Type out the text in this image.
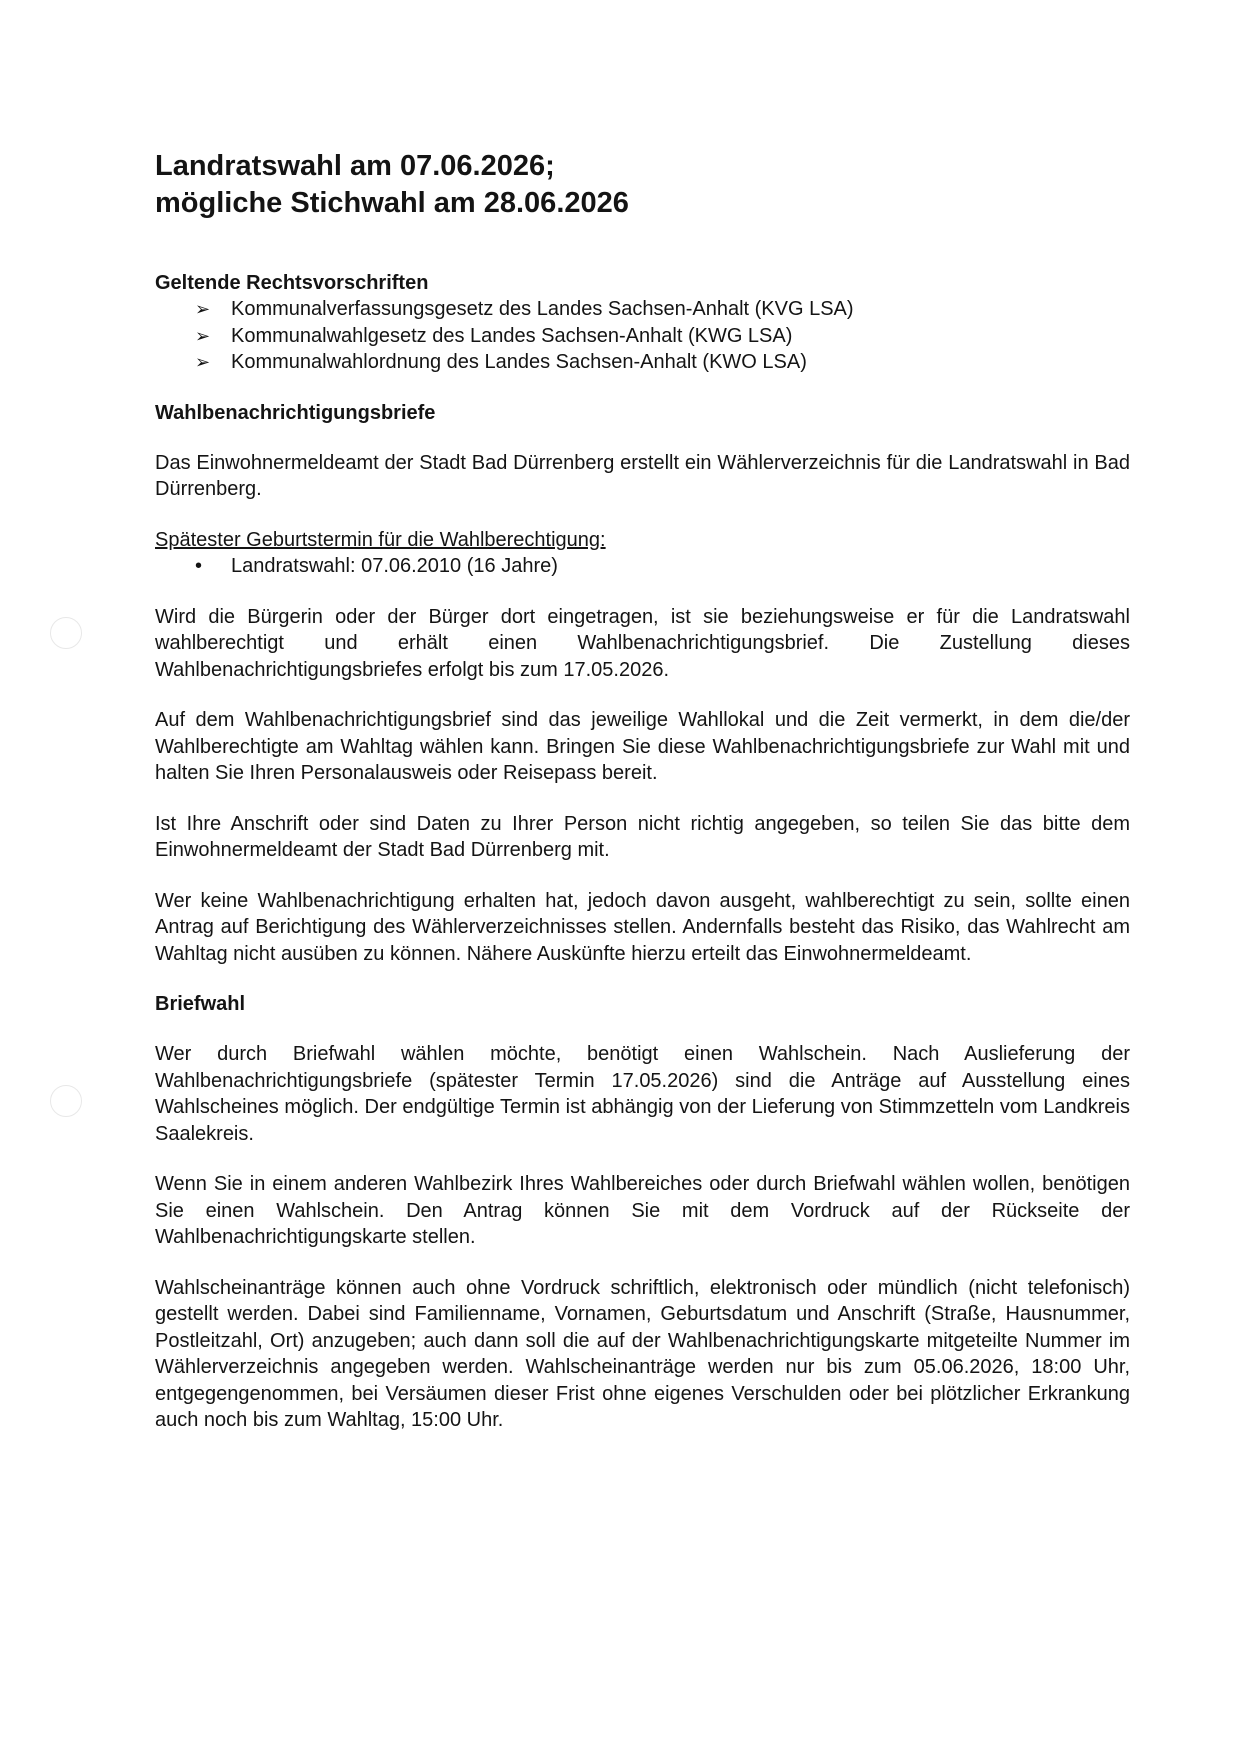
Landratswahl am 07.06.2026;
mögliche Stichwahl am 28.06.2026
Geltende Rechtsvorschriften
➢ Kommunalverfassungsgesetz des Landes Sachsen-Anhalt (KVG LSA)
➢ Kommunalwahlgesetz des Landes Sachsen-Anhalt (KWG LSA)
➢ Kommunalwahlordnung des Landes Sachsen-Anhalt (KWO LSA)
Wahlbenachrichtigungsbriefe

Das Einwohnermeldeamt der Stadt Bad Dürrenberg erstellt ein Wählerverzeichnis für die Landratswahl in Bad Dürrenberg.

Spätester Geburtstermin für die Wahlberechtigung:
• Landratswahl: 07.06.2010 (16 Jahre)

Wird die Bürgerin oder der Bürger dort eingetragen, ist sie beziehungsweise er für die Landratswahl wahlberechtigt und erhält einen Wahlbenachrichtigungsbrief. Die Zustellung dieses Wahlbenachrichtigungsbriefes erfolgt bis zum 17.05.2026.

Auf dem Wahlbenachrichtigungsbrief sind das jeweilige Wahllokal und die Zeit vermerkt, in dem die/der Wahlberechtigte am Wahltag wählen kann. Bringen Sie diese Wahlbenachrichtigungsbriefe zur Wahl mit und halten Sie Ihren Personalausweis oder Reisepass bereit.

Ist Ihre Anschrift oder sind Daten zu Ihrer Person nicht richtig angegeben, so teilen Sie das bitte dem Einwohnermeldeamt der Stadt Bad Dürrenberg mit.

Wer keine Wahlbenachrichtigung erhalten hat, jedoch davon ausgeht, wahlberechtigt zu sein, sollte einen Antrag auf Berichtigung des Wählerverzeichnisses stellen. Andernfalls besteht das Risiko, das Wahlrecht am Wahltag nicht ausüben zu können. Nähere Auskünfte hierzu erteilt das Einwohnermeldeamt.

Briefwahl

Wer durch Briefwahl wählen möchte, benötigt einen Wahlschein. Nach Auslieferung der Wahlbenachrichtigungsbriefe (spätester Termin 17.05.2026) sind die Anträge auf Ausstellung eines Wahlscheines möglich. Der endgültige Termin ist abhängig von der Lieferung von Stimmzetteln vom Landkreis Saalekreis.

Wenn Sie in einem anderen Wahlbezirk Ihres Wahlbereiches oder durch Briefwahl wählen wollen, benötigen Sie einen Wahlschein. Den Antrag können Sie mit dem Vordruck auf der Rückseite der Wahlbenachrichtigungskarte stellen.

Wahlscheinanträge können auch ohne Vordruck schriftlich, elektronisch oder mündlich (nicht telefonisch) gestellt werden. Dabei sind Familienname, Vornamen, Geburtsdatum und Anschrift (Straße, Hausnummer, Postleitzahl, Ort) anzugeben; auch dann soll die auf der Wahlbenachrichtigungskarte mitgeteilte Nummer im Wählerverzeichnis angegeben werden. Wahlscheinanträge werden nur bis zum 05.06.2026, 18:00 Uhr, entgegengenommen, bei Versäumen dieser Frist ohne eigenes Verschulden oder bei plötzlicher Erkrankung auch noch bis zum Wahltag, 15:00 Uhr.
